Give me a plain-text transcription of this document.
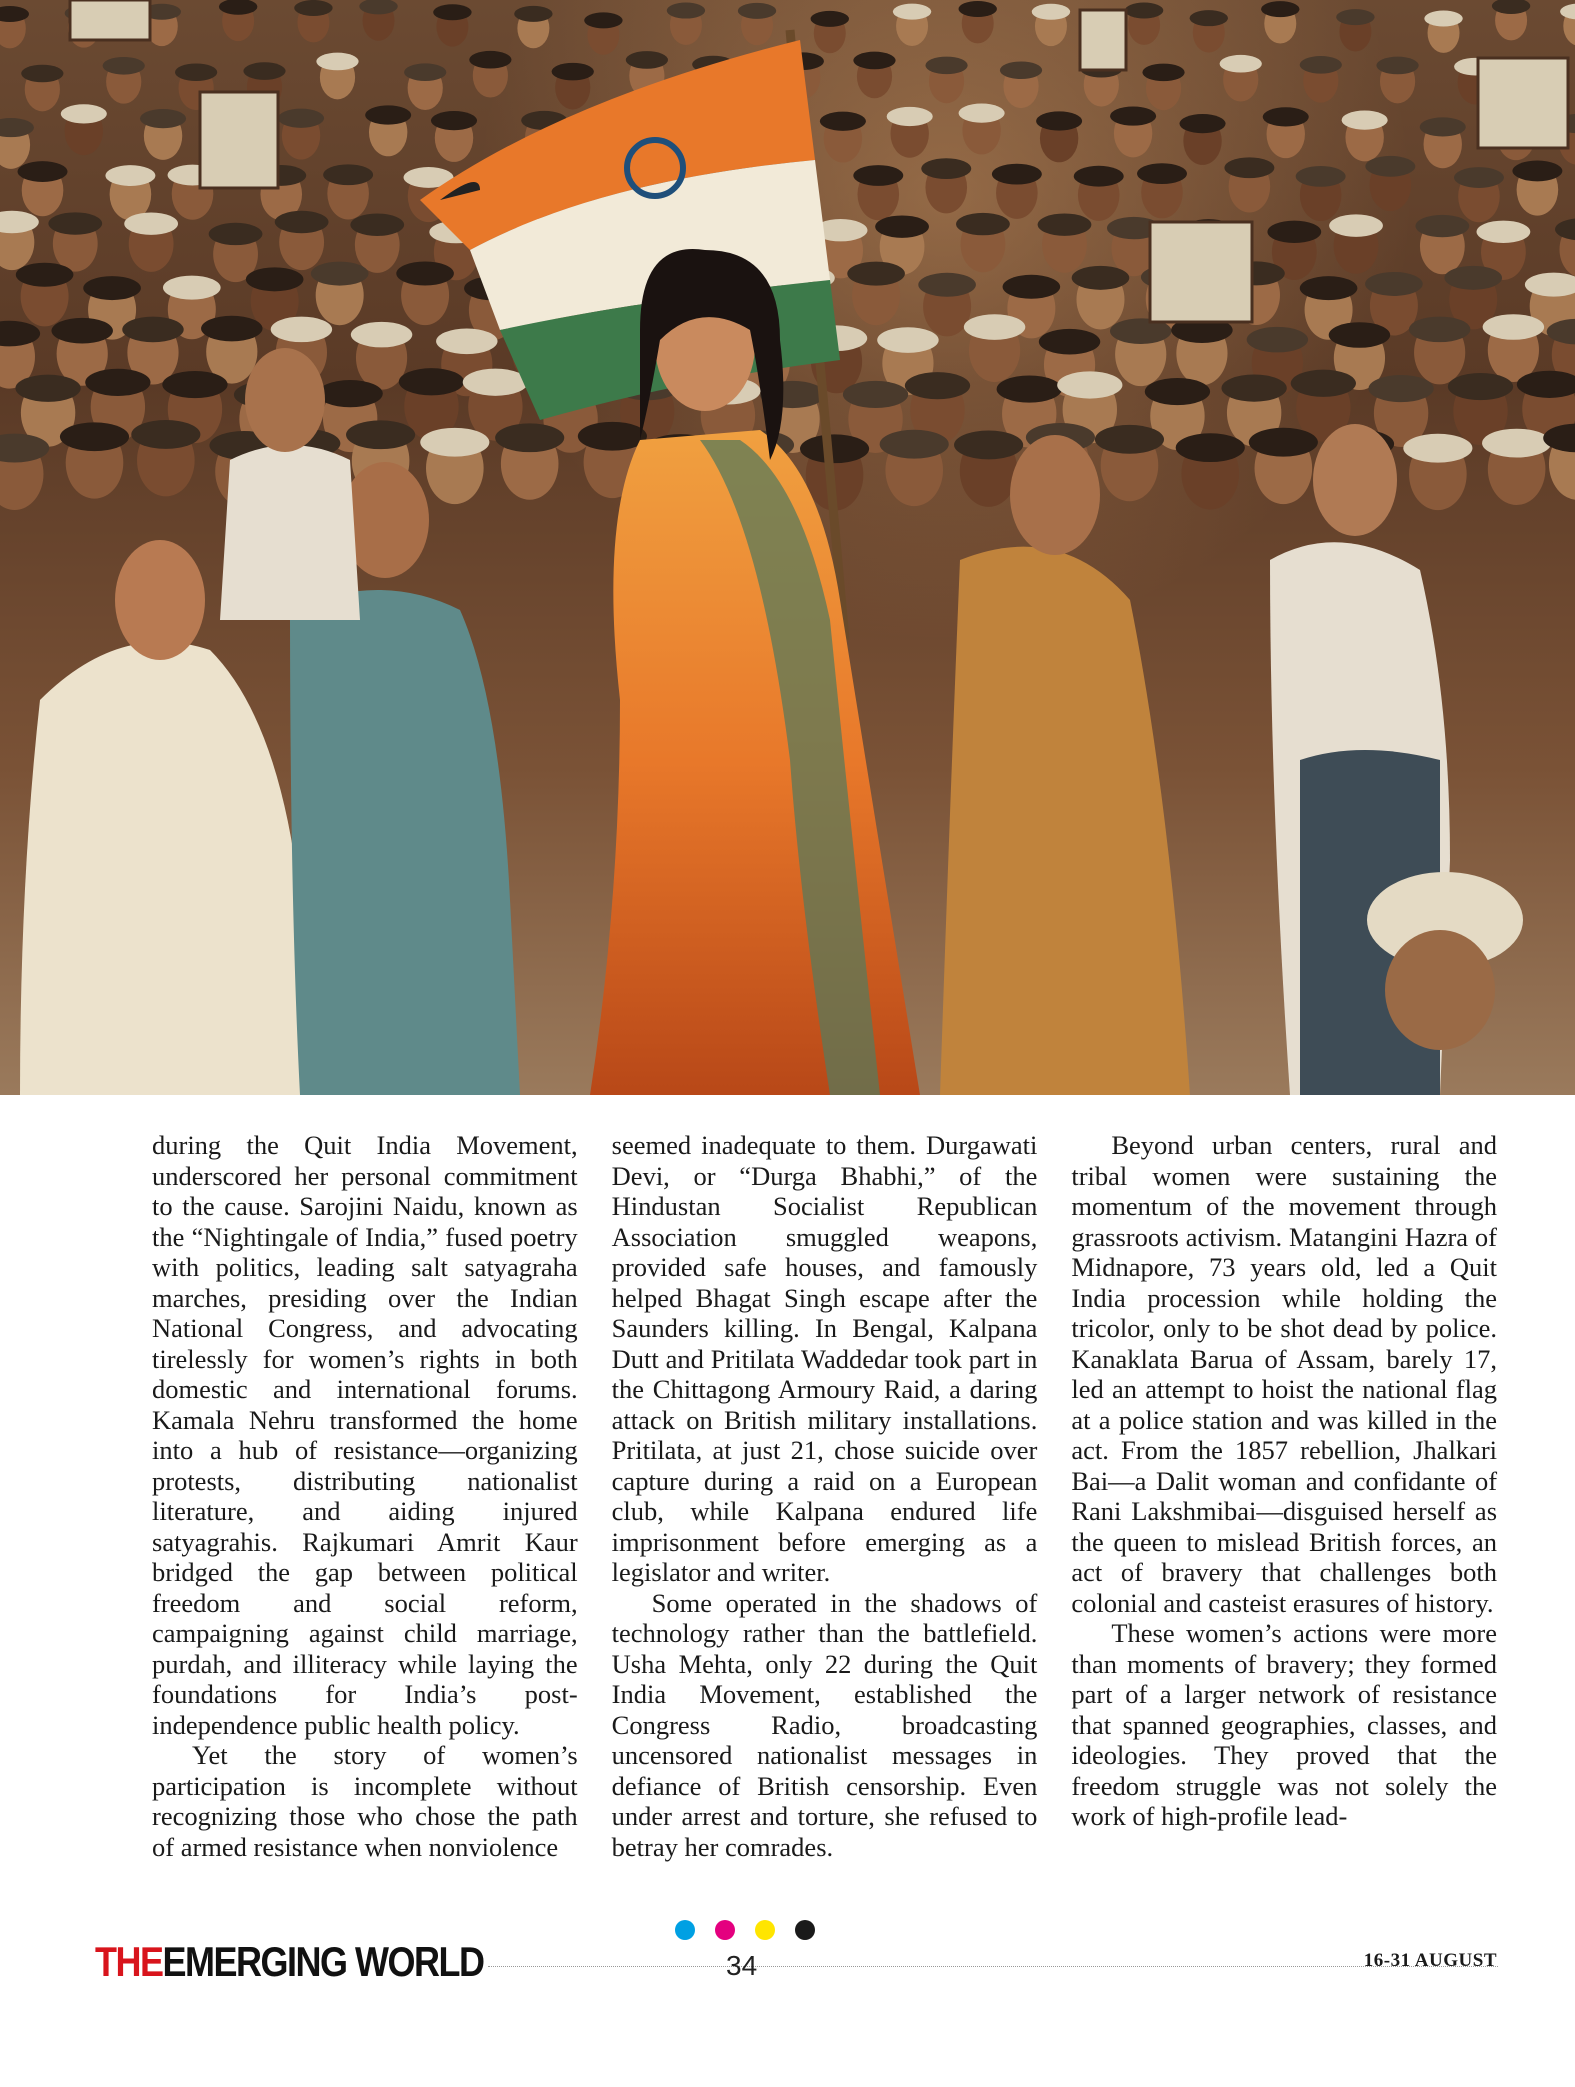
during the Quit India Movement, underscored her personal commitment to the cause. Sarojini Naidu, known as the “Nightingale of India,” fused poetry with politics, leading salt satyagraha marches, presiding over the Indian National Congress, and advocating tirelessly for women’s rights in both domestic and international forums. Kamala Nehru transformed the home into a hub of resistance—organizing protests, distributing nationalist literature, and aiding injured satyagrahis. Rajkumari Amrit Kaur bridged the gap between political freedom and social reform, campaigning against child marriage, purdah, and illiteracy while laying the foundations for India’s post-independence public health policy.

Yet the story of women’s participation is incomplete without recognizing those who chose the path of armed resistance when nonviolence

seemed inadequate to them. Durgawati Devi, or “Durga Bhabhi,” of the Hindustan Socialist Republican Association smuggled weapons, provided safe houses, and famously helped Bhagat Singh escape after the Saunders killing. In Bengal, Kalpana Dutt and Pritilata Waddedar took part in the Chittagong Armoury Raid, a daring attack on British military installations. Pritilata, at just 21, chose suicide over capture during a raid on a European club, while Kalpana endured life imprisonment before emerging as a legislator and writer.

Some operated in the shadows of technology rather than the battlefield. Usha Mehta, only 22 during the Quit India Movement, established the Congress Radio, broadcasting uncensored nationalist messages in defiance of British censorship. Even under arrest and torture, she refused to betray her comrades.

Beyond urban centers, rural and tribal women were sustaining the momentum of the movement through grassroots activism. Matangini Hazra of Midnapore, 73 years old, led a Quit India procession while holding the tricolor, only to be shot dead by police. Kanaklata Barua of Assam, barely 17, led an attempt to hoist the national flag at a police station and was killed in the act. From the 1857 rebellion, Jhalkari Bai—a Dalit woman and confidante of Rani Lakshmibai—disguised herself as the queen to mislead British forces, an act of bravery that challenges both colonial and casteist erasures of history.

These women’s actions were more than moments of bravery; they formed part of a larger network of resistance that spanned geographies, classes, and ideologies. They proved that the freedom struggle was not solely the work of high-profile lead-

THEEMERGING WORLD	34	16-31 AUGUST
